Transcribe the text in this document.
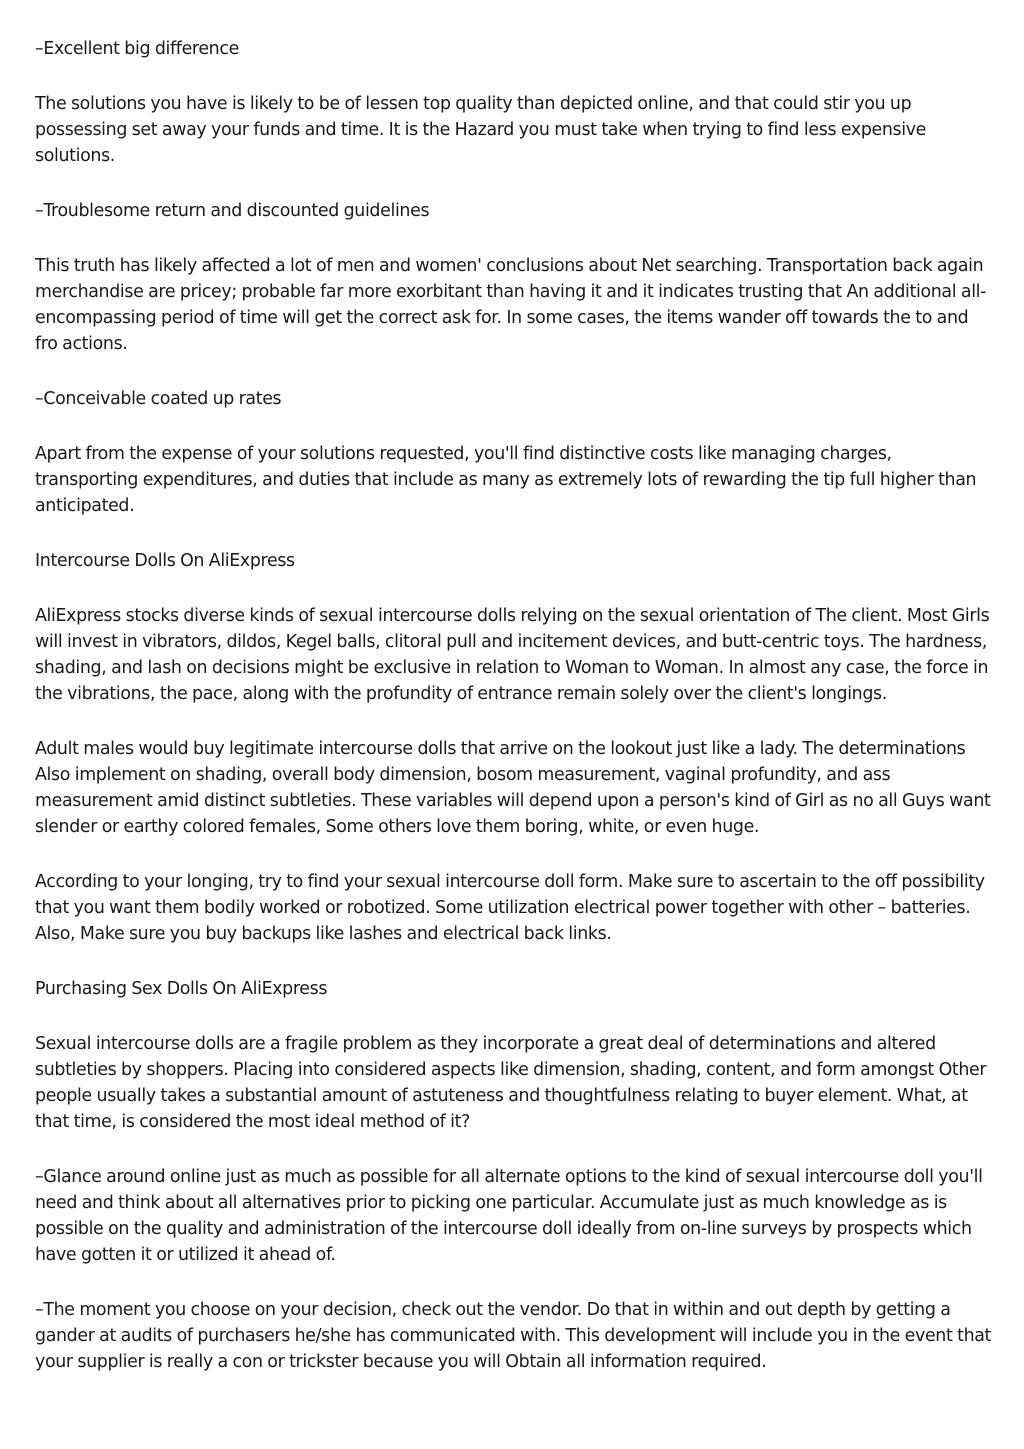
–Excellent big difference

The solutions you have is likely to be of lessen top quality than depicted online, and that could stir you up possessing set away your funds and time. It is the Hazard you must take when trying to find less expensive solutions.

–Troublesome return and discounted guidelines

This truth has likely affected a lot of men and women' conclusions about Net searching. Transportation back again merchandise are pricey; probable far more exorbitant than having it and it indicates trusting that An additional all-encompassing period of time will get the correct ask for. In some cases, the items wander off towards the to and fro actions.

–Conceivable coated up rates

Apart from the expense of your solutions requested, you'll find distinctive costs like managing charges, transporting expenditures, and duties that include as many as extremely lots of rewarding the tip full higher than anticipated.

Intercourse Dolls On AliExpress

AliExpress stocks diverse kinds of sexual intercourse dolls relying on the sexual orientation of The client. Most Girls will invest in vibrators, dildos, Kegel balls, clitoral pull and incitement devices, and butt-centric toys. The hardness, shading, and lash on decisions might be exclusive in relation to Woman to Woman. In almost any case, the force in the vibrations, the pace, along with the profundity of entrance remain solely over the client's longings.

Adult males would buy legitimate intercourse dolls that arrive on the lookout just like a lady. The determinations Also implement on shading, overall body dimension, bosom measurement, vaginal profundity, and ass measurement amid distinct subtleties. These variables will depend upon a person's kind of Girl as no all Guys want slender or earthy colored females, Some others love them boring, white, or even huge.

According to your longing, try to find your sexual intercourse doll form. Make sure to ascertain to the off possibility that you want them bodily worked or robotized. Some utilization electrical power together with other – batteries. Also, Make sure you buy backups like lashes and electrical back links.

Purchasing Sex Dolls On AliExpress

Sexual intercourse dolls are a fragile problem as they incorporate a great deal of determinations and altered subtleties by shoppers. Placing into considered aspects like dimension, shading, content, and form amongst Other people usually takes a substantial amount of astuteness and thoughtfulness relating to buyer element. What, at that time, is considered the most ideal method of it?

–Glance around online just as much as possible for all alternate options to the kind of sexual intercourse doll you'll need and think about all alternatives prior to picking one particular. Accumulate just as much knowledge as is possible on the quality and administration of the intercourse doll ideally from on-line surveys by prospects which have gotten it or utilized it ahead of.

–The moment you choose on your decision, check out the vendor. Do that in within and out depth by getting a gander at audits of purchasers he/she has communicated with. This development will include you in the event that your supplier is really a con or trickster because you will Obtain all information required.
